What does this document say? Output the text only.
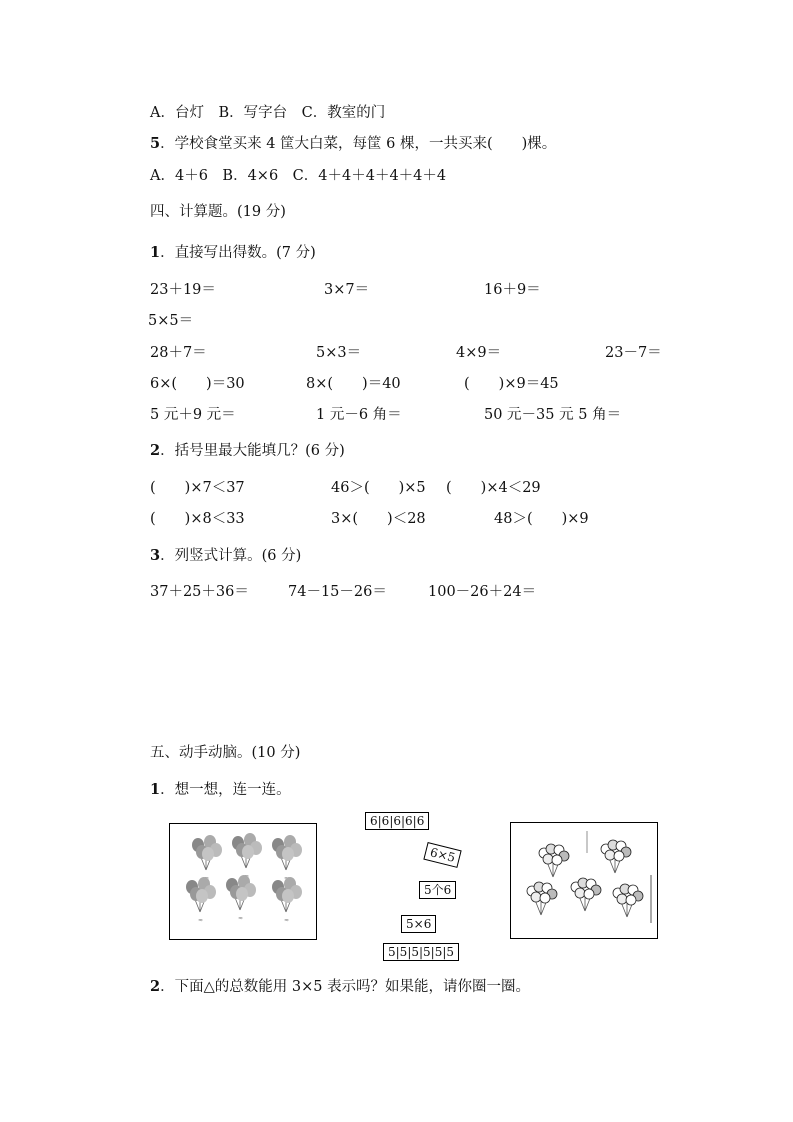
A．台灯　B．写字台　C．教室的门
5．学校食堂买来 4 筐大白菜，每筐 6 棵，一共买来(　　)棵。
A．4＋6　B．4×6　C．4＋4＋4＋4＋4＋4
四、计算题。(19 分)
1．直接写出得数。(7 分)
23＋19＝	3×7＝	16＋9＝
5×5＝
28＋7＝	5×3＝	4×9＝	23－7＝
6×(　　)＝30	8×(　　)＝40	(　　)×9＝45
5 元＋9 元＝	1 元－6 角＝	50 元－35 元 5 角＝
2．括号里最大能填几？(6 分)
(　　)×7＜37	46＞(　　)×5 (　　)×4＜29
(　　)×8＜33	3×(　　)＜28	48＞(　　)×9
3．列竖式计算。(6 分)
37＋25＋36＝	74－15－26＝	100－26＋24＝
五、动手动脑。(10 分)
1．想一想，连一连。
≈
6|6|6|6|6
6×5
5个6
5×6
5|5|5|5|5|5
2．下面△的总数能用 3×5 表示吗？如果能，请你圈一圈。
